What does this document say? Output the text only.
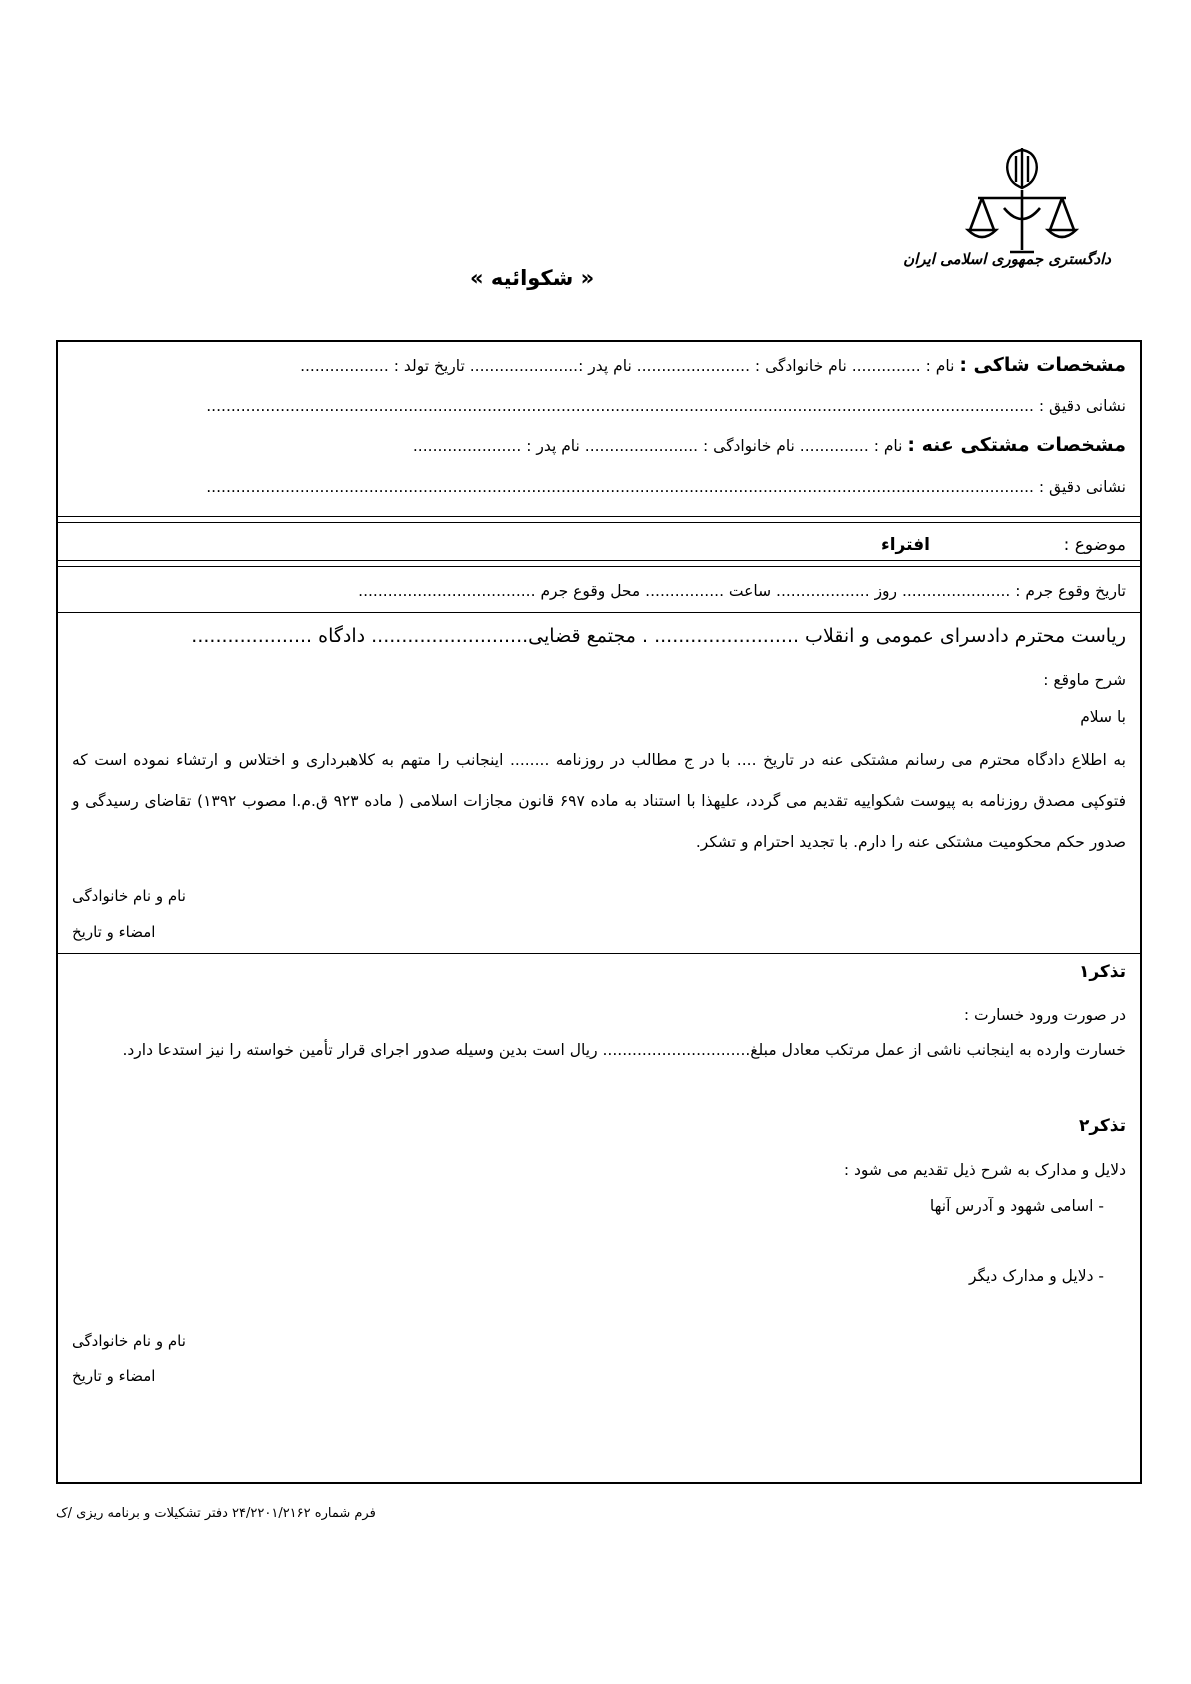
دادگستری جمهوری اسلامی ایران
« شکوائیه »
مشخصات شاکی : نام : .............. نام خانوادگی : ....................... نام پدر :...................... تاریخ تولد : ..................
نشانی دقیق : ........................................................................................................................................................................
مشخصات مشتکی عنه : نام : .............. نام خانوادگی : ....................... نام پدر : ......................
نشانی دقیق : ........................................................................................................................................................................
موضوع :
افتراء
تاریخ وقوع جرم : ...................... روز ................... ساعت ................ محل وقوع جرم ....................................
ریاست محترم دادسرای عمومی و انقلاب ........................ . مجتمع قضایی.......................... دادگاه ....................
شرح ماوقع :
با سلام
به اطلاع دادگاه محترم می رسانم مشتکی عنه در تاریخ .... با در ج مطالب در روزنامه ........ اینجانب را متهم به کلاهبرداری و اختلاس و ارتشاء نموده است که فتوکپی مصدق روزنامه به پیوست شکواییه تقدیم می گردد، علیهذا با استناد به ماده ۶۹۷ قانون مجازات اسلامی ( ماده ۹۲۳ ق.م.ا مصوب ۱۳۹۲) تقاضای رسیدگی و صدور حکم محکومیت مشتکی عنه را دارم. با تجدید احترام و تشکر.
نام و نام خانوادگی
امضاء و تاریخ
تذکر۱
در صورت ورود خسارت :
خسارت وارده به اینجانب ناشی از عمل مرتکب معادل مبلغ.............................. ریال است بدین وسیله صدور اجرای قرار تأمین خواسته را نیز استدعا دارد.
تذکر۲
دلایل و مدارک به شرح ذیل تقدیم می شود :
- اسامی شهود و آدرس آنها
- دلایل و مدارک دیگر
نام و نام خانوادگی
امضاء و تاریخ
فرم شماره ۲۴/۲۲۰۱/۲۱۶۲ دفتر تشکیلات و برنامه ریزی /ک
